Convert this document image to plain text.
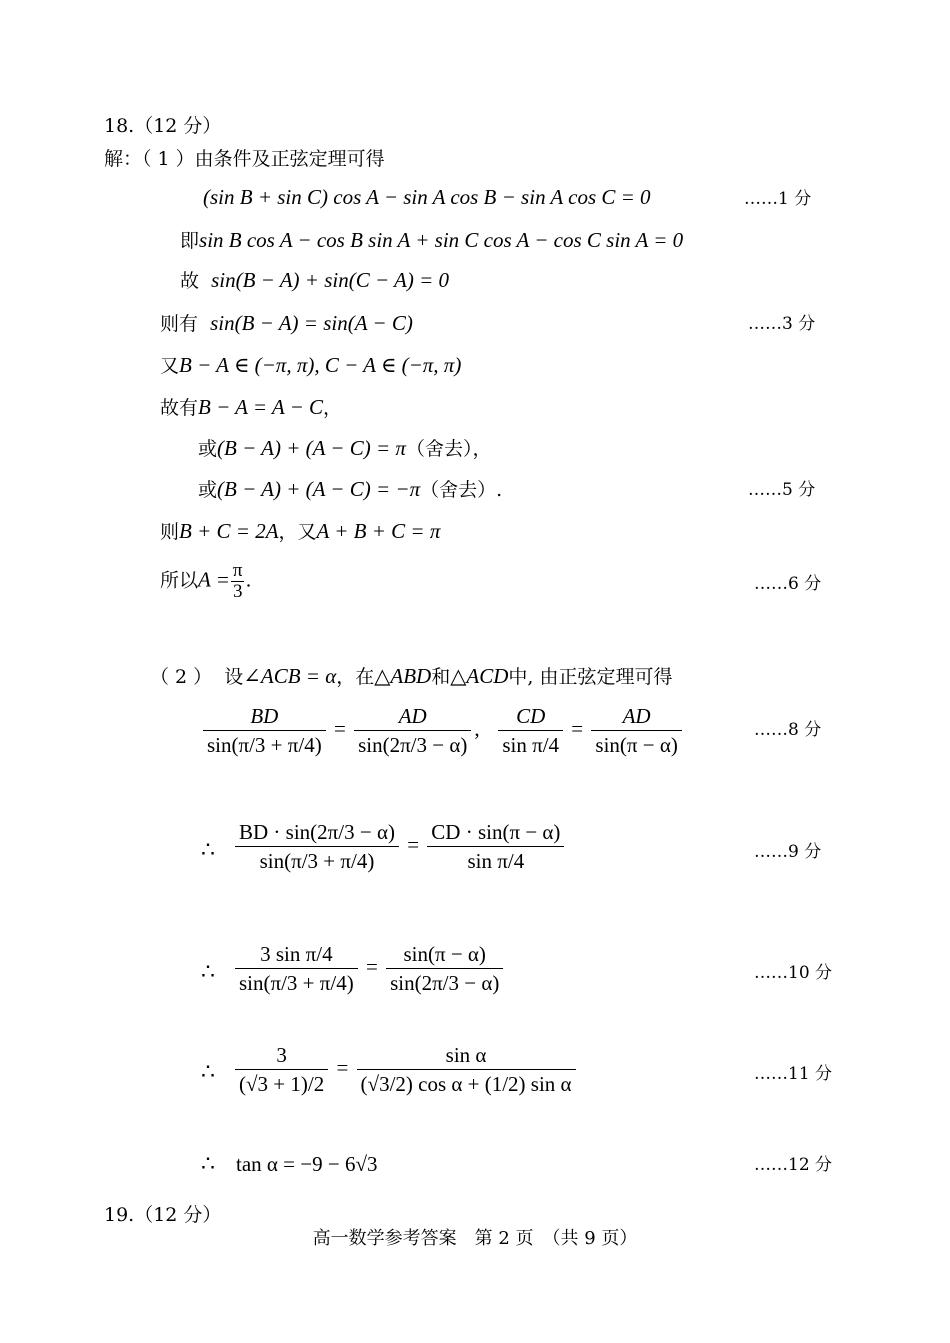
18.（12 分）
解：（ 1 ）由条件及正弦定理可得
(sin B + sin C) cos A − sin A cos B − sin A cos C = 0	……1 分
即sin B cos A − cos B sin A + sin C cos A − cos C sin A = 0
故 sin(B − A) + sin(C − A) = 0
则有 sin(B − A) = sin(A − C)	……3 分
又B − A ∈ (−π, π), C − A ∈ (−π, π)
故有B − A = A − C，
或(B − A) + (A − C) = π（舍去），
或(B − A) + (A − C) = −π（舍去）.	……5 分
则B + C = 2A，又A + B + C = π
所以$A = \frac{\pi}{3}$ .	……6 分
（ 2 ） 设∠ACB = α，在△ABD和△ACD中, 由正弦定理可得
$\frac{BD}{\sin(\pi/3 + \pi/4)} = \frac{AD}{\sin(2\pi/3 - \alpha)}$ , $\frac{CD}{\text{sin π/4}} = \frac{AD}{\sin(\pi - \alpha)}$	……8 分
∴ $\frac{BD \cdot \sin(2\pi/3 - \alpha)}{\sin(\pi/3 + \pi/4)} = \frac{CD \cdot \sin(\pi - \alpha)}{\text{sin π/4}}$	……9 分
∴ $\frac{\text{3 sin π/4}}{\sin(\pi/3 + \pi/4)} = \frac{\sin(\pi - \alpha)}{\sin(2\pi/3 - \alpha)}$	……10 分
∴ $\frac{3}{(√3 + 1)/2} = \frac{\text{sin α}}{\text{(√3/2) cos α + (1/2) sin α}}$	……11 分
∴ tan α = −9 − 6√3	……12 分
19.（12 分）
高一数学参考答案　第 2 页　（共 9 页）
